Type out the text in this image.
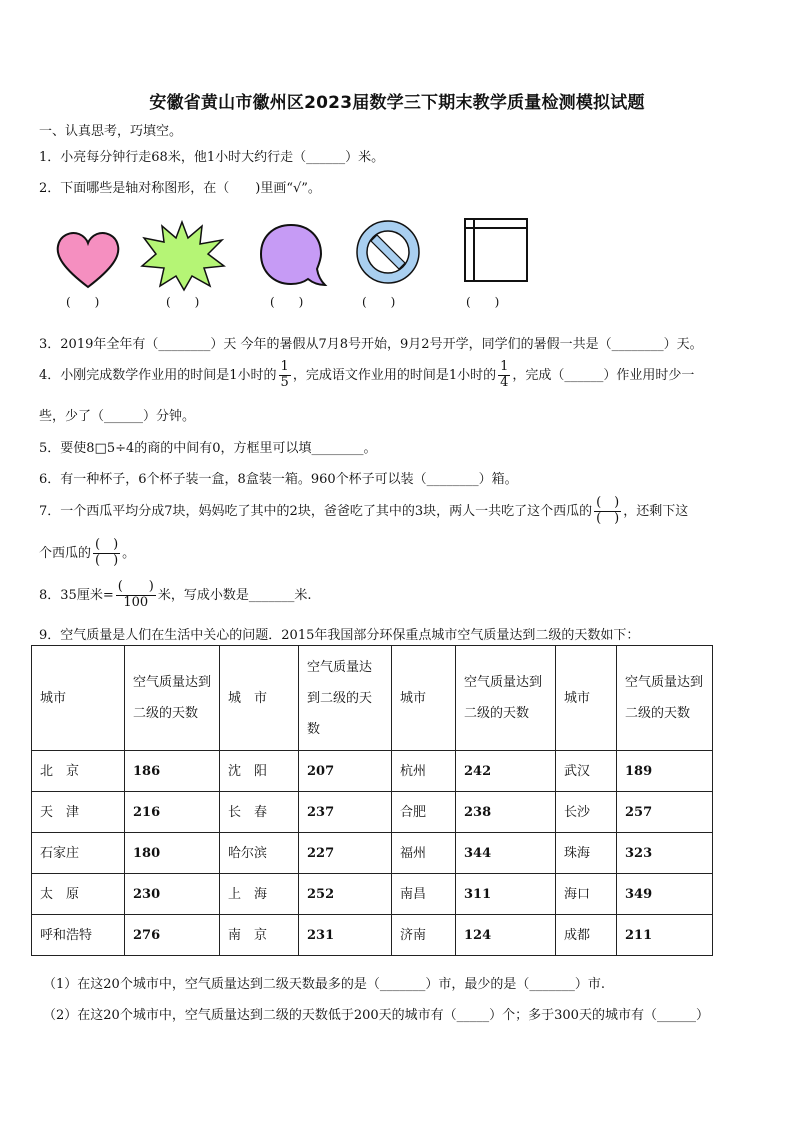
安徽省黄山市徽州区2023届数学三下期末教学质量检测模拟试题
一、认真思考，巧填空。
1．小亮每分钟行走68米，他1小时大约行走（______）米。
2．下面哪些是轴对称图形，在（　　)里画“√”。
(　　)	(　　)	(　　)	(　　)	(　　)
3．2019年全年有（________）天 今年的暑假从7月8号开始，9月2号开学，同学们的暑假一共是（________）天。
4．小刚完成数学作业用的时间是1小时的 $\frac{1}{5}$ ，完成语文作业用的时间是1小时的 $\frac{1}{4}$ ，完成（______）作业用时少一
些，少了（______）分钟。
5．要使8□5÷4的商的中间有0，方框里可以填________。
6．有一种杯子，6个杯子装一盒，8盒装一箱。960个杯子可以装（________）箱。
7．一个西瓜平均分成7块，妈妈吃了其中的2块，爸爸吃了其中的3块，两人一共吃了这个西瓜的 $\frac{( )}{( )}$ ，还剩下这
个西瓜的 $\frac{( )}{( )}$ 。
8．35厘米= $\frac{( )}{100}$ 米，写成小数是_______米.
9．空气质量是人们在生活中关心的问题．2015年我国部分环保重点城市空气质量达到二级的天数如下：
城市	空气质量达到二级的天数	城　市	空气质量达到二级的天数	城市	空气质量达到二级的天数	城市	空气质量达到二级的天数
北　京	186	沈　阳	207	杭州	242	武汉	189
天　津	216	长　春	237	合肥	238	长沙	257
石家庄	180	哈尔滨	227	福州	344	珠海	323
太　原	230	上　海	252	南昌	311	海口	349
呼和浩特	276	南　京	231	济南	124	成都	211
（1）在这20个城市中，空气质量达到二级天数最多的是（_______）市，最少的是（_______）市.
（2）在这20个城市中，空气质量达到二级的天数低于200天的城市有（_____）个；多于300天的城市有（______）
